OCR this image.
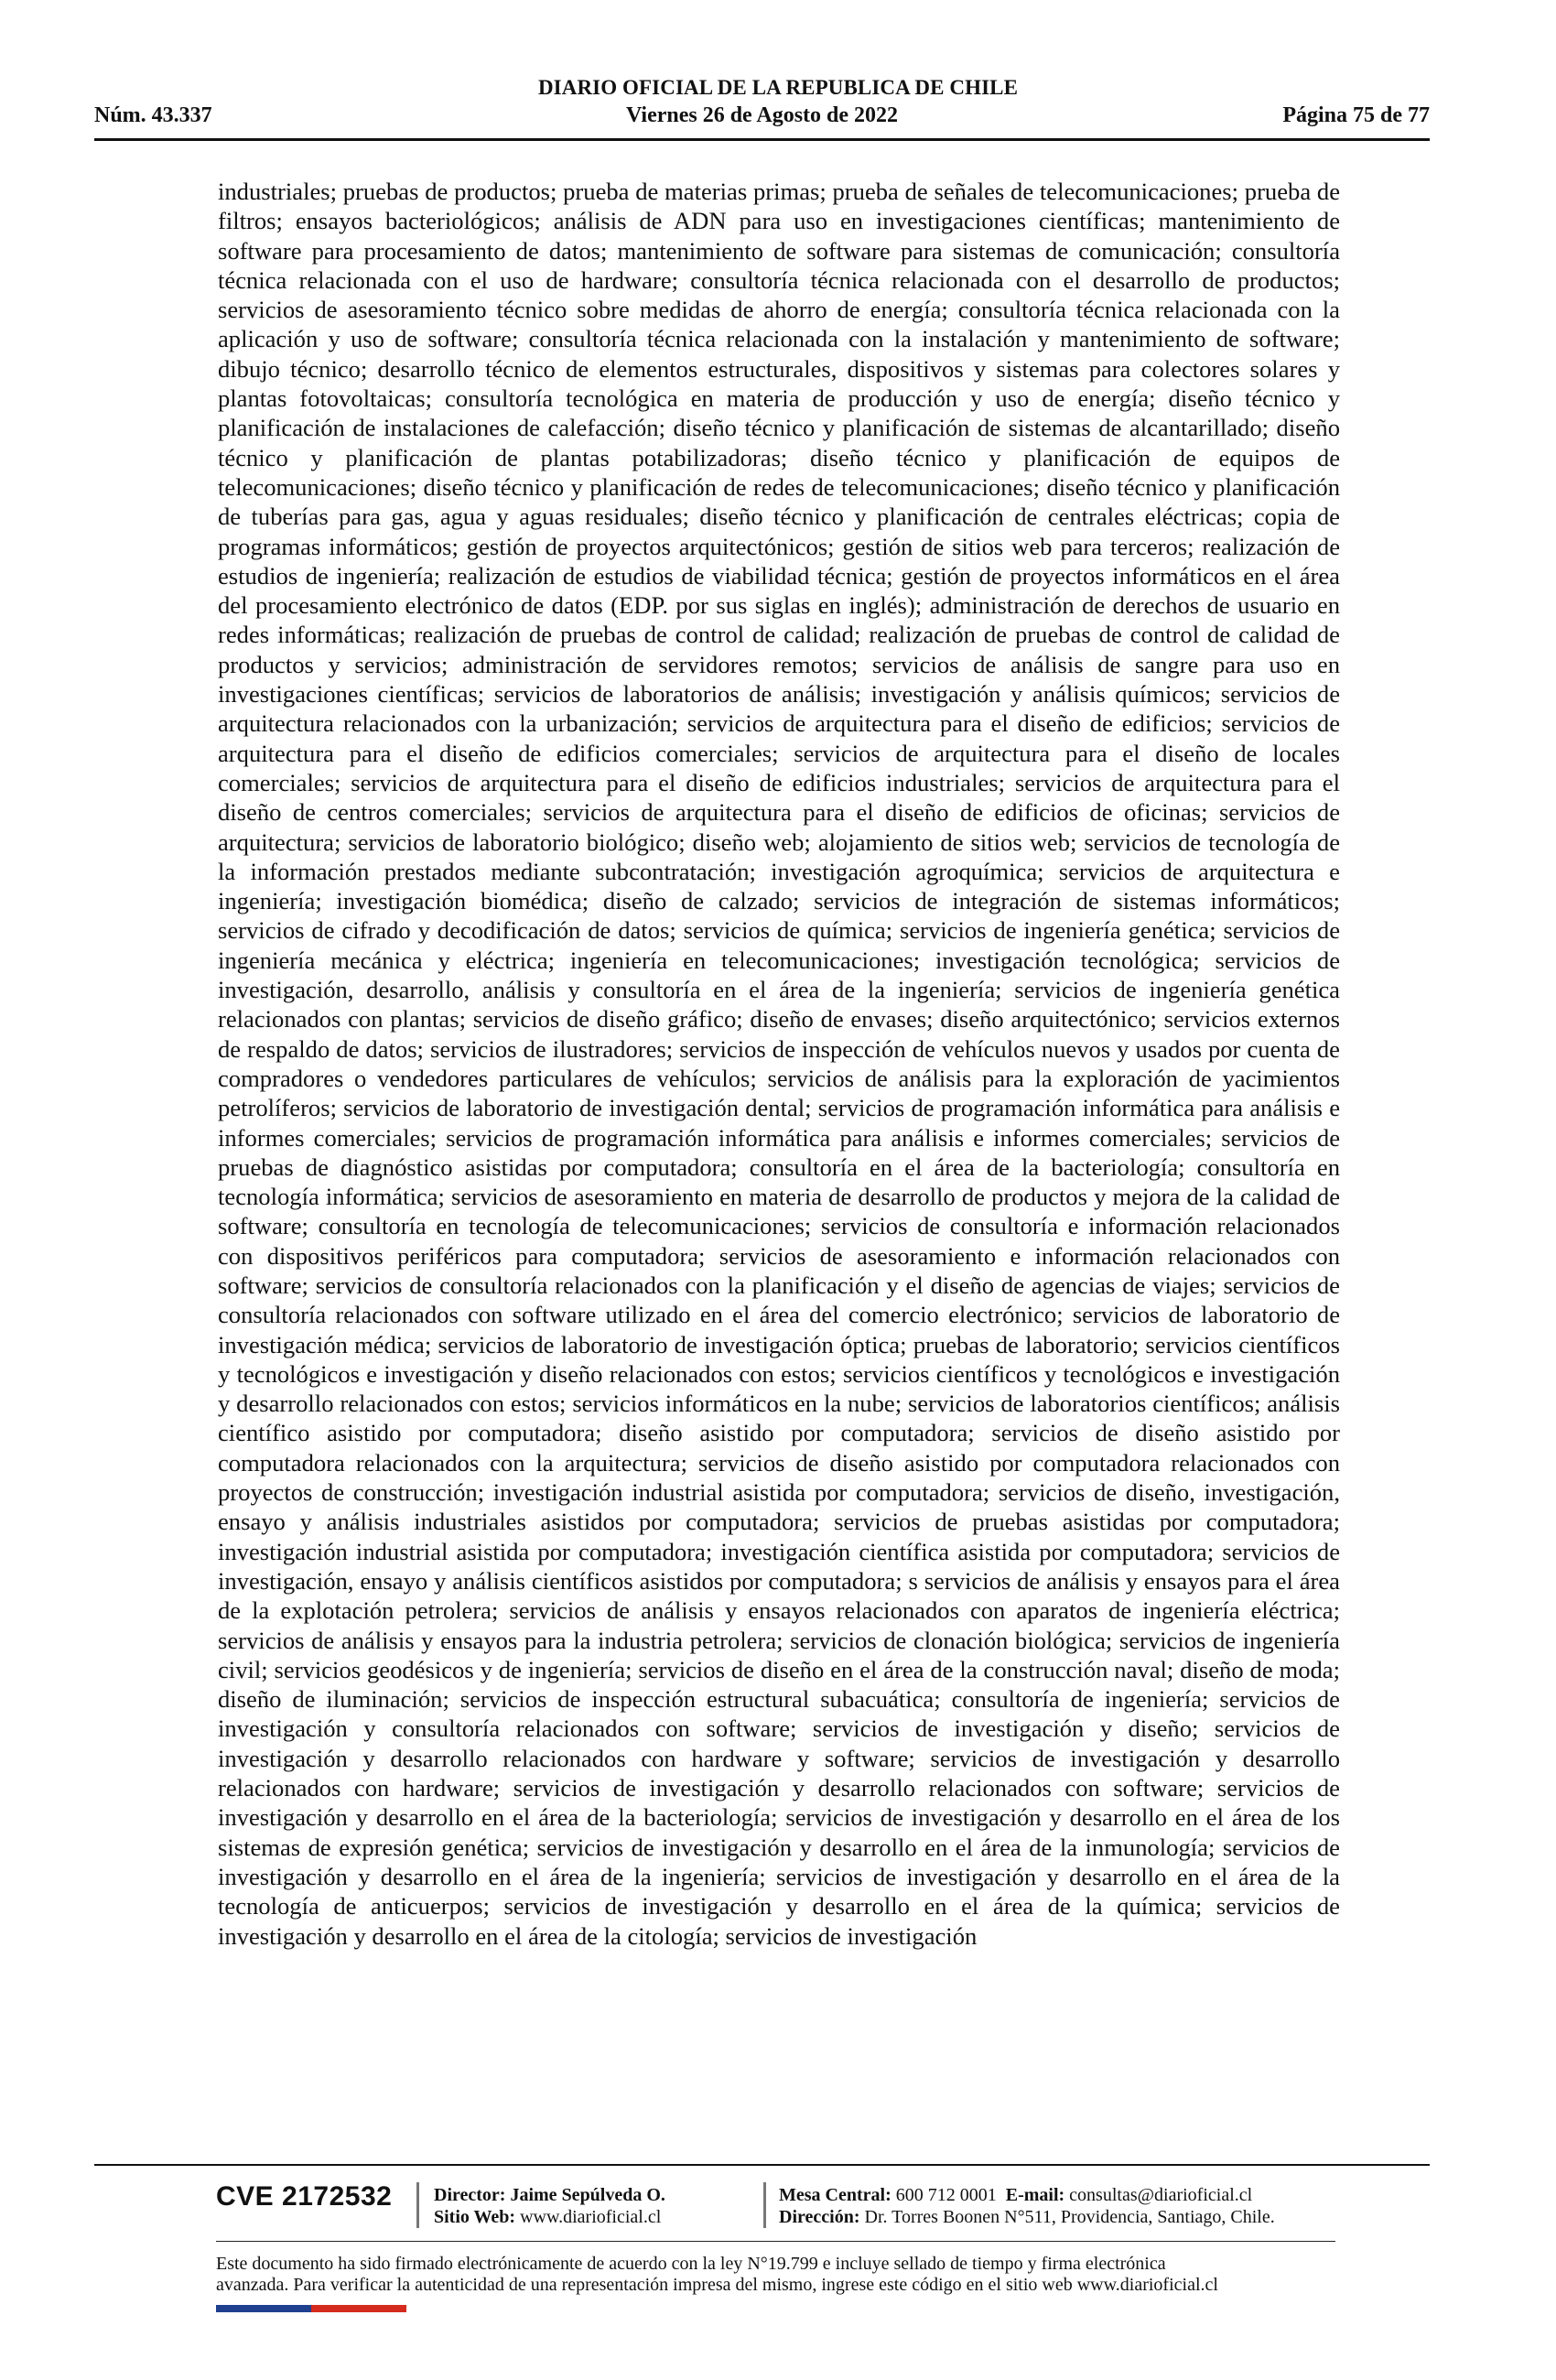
DIARIO OFICIAL DE LA REPUBLICA DE CHILE
Viernes 26 de Agosto de 2022
Núm. 43.337	Página 75 de 77

industriales; pruebas de productos; prueba de materias primas; prueba de señales de telecomunicaciones; prueba de filtros; ensayos bacteriológicos; análisis de ADN para uso en investigaciones científicas; mantenimiento de software para procesamiento de datos; mantenimiento de software para sistemas de comunicación; consultoría técnica relacionada con el uso de hardware; consultoría técnica relacionada con el desarrollo de productos; servicios de asesoramiento técnico sobre medidas de ahorro de energía; consultoría técnica relacionada con la aplicación y uso de software; consultoría técnica relacionada con la instalación y mantenimiento de software; dibujo técnico; desarrollo técnico de elementos estructurales, dispositivos y sistemas para colectores solares y plantas fotovoltaicas; consultoría tecnológica en materia de producción y uso de energía; diseño técnico y planificación de instalaciones de calefacción; diseño técnico y planificación de sistemas de alcantarillado; diseño técnico y planificación de plantas potabilizadoras; diseño técnico y planificación de equipos de telecomunicaciones; diseño técnico y planificación de redes de telecomunicaciones; diseño técnico y planificación de tuberías para gas, agua y aguas residuales; diseño técnico y planificación de centrales eléctricas; copia de programas informáticos; gestión de proyectos arquitectónicos; gestión de sitios web para terceros; realización de estudios de ingeniería; realización de estudios de viabilidad técnica; gestión de proyectos informáticos en el área del procesamiento electrónico de datos (EDP. por sus siglas en inglés); administración de derechos de usuario en redes informáticas; realización de pruebas de control de calidad; realización de pruebas de control de calidad de productos y servicios; administración de servidores remotos; servicios de análisis de sangre para uso en investigaciones científicas; servicios de laboratorios de análisis; investigación y análisis químicos; servicios de arquitectura relacionados con la urbanización; servicios de arquitectura para el diseño de edificios; servicios de arquitectura para el diseño de edificios comerciales; servicios de arquitectura para el diseño de locales comerciales; servicios de arquitectura para el diseño de edificios industriales; servicios de arquitectura para el diseño de centros comerciales; servicios de arquitectura para el diseño de edificios de oficinas; servicios de arquitectura; servicios de laboratorio biológico; diseño web; alojamiento de sitios web; servicios de tecnología de la información prestados mediante subcontratación; investigación agroquímica; servicios de arquitectura e ingeniería; investigación biomédica; diseño de calzado; servicios de integración de sistemas informáticos; servicios de cifrado y decodificación de datos; servicios de química; servicios de ingeniería genética; servicios de ingeniería mecánica y eléctrica; ingeniería en telecomunicaciones; investigación tecnológica; servicios de investigación, desarrollo, análisis y consultoría en el área de la ingeniería; servicios de ingeniería genética relacionados con plantas; servicios de diseño gráfico; diseño de envases; diseño arquitectónico; servicios externos de respaldo de datos; servicios de ilustradores; servicios de inspección de vehículos nuevos y usados por cuenta de compradores o vendedores particulares de vehículos; servicios de análisis para la exploración de yacimientos petrolíferos; servicios de laboratorio de investigación dental; servicios de programación informática para análisis e informes comerciales; servicios de programación informática para análisis e informes comerciales; servicios de pruebas de diagnóstico asistidas por computadora; consultoría en el área de la bacteriología; consultoría en tecnología informática; servicios de asesoramiento en materia de desarrollo de productos y mejora de la calidad de software; consultoría en tecnología de telecomunicaciones; servicios de consultoría e información relacionados con dispositivos periféricos para computadora; servicios de asesoramiento e información relacionados con software; servicios de consultoría relacionados con la planificación y el diseño de agencias de viajes; servicios de consultoría relacionados con software utilizado en el área del comercio electrónico; servicios de laboratorio de investigación médica; servicios de laboratorio de investigación óptica; pruebas de laboratorio; servicios científicos y tecnológicos e investigación y diseño relacionados con estos; servicios científicos y tecnológicos e investigación y desarrollo relacionados con estos; servicios informáticos en la nube; servicios de laboratorios científicos; análisis científico asistido por computadora; diseño asistido por computadora; servicios de diseño asistido por computadora relacionados con la arquitectura; servicios de diseño asistido por computadora relacionados con proyectos de construcción; investigación industrial asistida por computadora; servicios de diseño, investigación, ensayo y análisis industriales asistidos por computadora; servicios de pruebas asistidas por computadora; investigación industrial asistida por computadora; investigación científica asistida por computadora; servicios de investigación, ensayo y análisis científicos asistidos por computadora; s servicios de análisis y ensayos para el área de la explotación petrolera; servicios de análisis y ensayos relacionados con aparatos de ingeniería eléctrica; servicios de análisis y ensayos para la industria petrolera; servicios de clonación biológica; servicios de ingeniería civil; servicios geodésicos y de ingeniería; servicios de diseño en el área de la construcción naval; diseño de moda; diseño de iluminación; servicios de inspección estructural subacuática; consultoría de ingeniería; servicios de investigación y consultoría relacionados con software; servicios de investigación y diseño; servicios de investigación y desarrollo relacionados con hardware y software; servicios de investigación y desarrollo relacionados con hardware; servicios de investigación y desarrollo relacionados con software; servicios de investigación y desarrollo en el área de la bacteriología; servicios de investigación y desarrollo en el área de los sistemas de expresión genética; servicios de investigación y desarrollo en el área de la inmunología; servicios de investigación y desarrollo en el área de la ingeniería; servicios de investigación y desarrollo en el área de la tecnología de anticuerpos; servicios de investigación y desarrollo en el área de la química; servicios de investigación y desarrollo en el área de la citología; servicios de investigación

CVE 2172532 Director: Jaime Sepúlveda O.
Sitio Web: www.diarioficial.cl
Mesa Central: 600 712 0001 E-mail: consultas@diarioficial.cl
Dirección: Dr. Torres Boonen N°511, Providencia, Santiago, Chile.
Este documento ha sido firmado electrónicamente de acuerdo con la ley N°19.799 e incluye sellado de tiempo y firma electrónica
avanzada. Para verificar la autenticidad de una representación impresa del mismo, ingrese este código en el sitio web www.diarioficial.cl
